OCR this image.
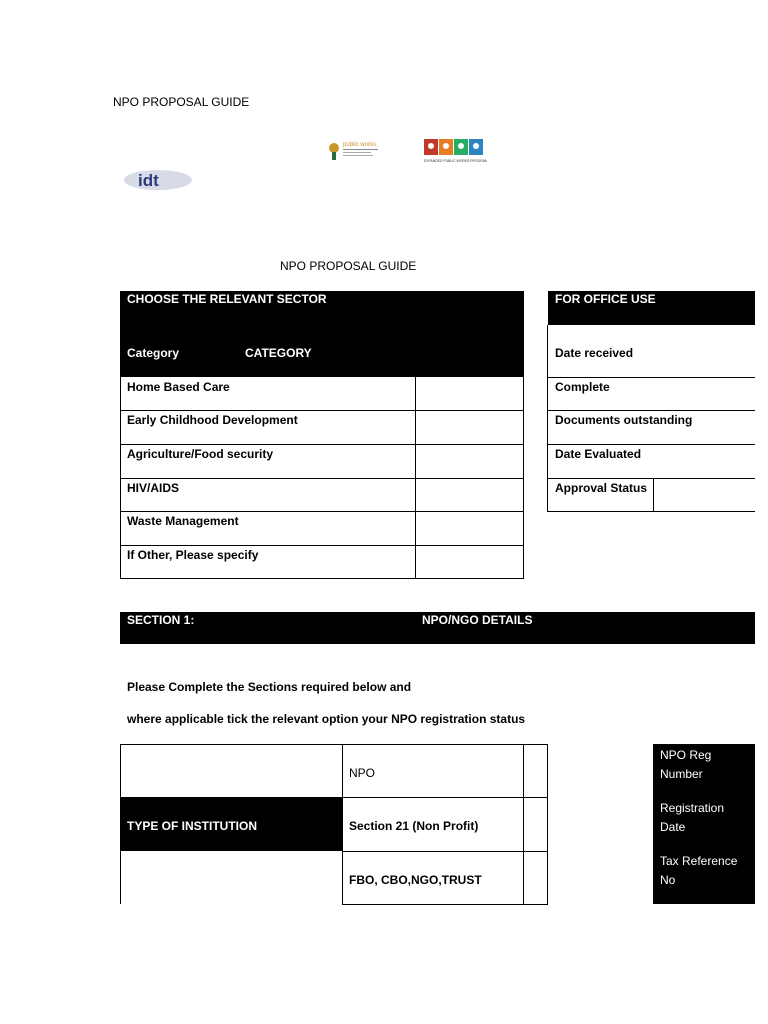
NPO PROPOSAL GUIDE
public works
EXPANDED PUBLIC WORKS PROGRAMME
idt
NPO PROPOSAL GUIDE
CHOOSE THE RELEVANT SECTOR
Category	CATEGORY
Home Based Care
Early Childhood Development
Agriculture/Food security
HIV/AIDS
Waste Management
If Other, Please specify
FOR OFFICE USE
Date received
Complete
Documents outstanding
Date Evaluated
Approval Status
SECTION 1:	NPO/NGO DETAILS
Please Complete the Sections required below and
where applicable tick the relevant option your NPO registration status
TYPE OF INSTITUTION
NPO
Section 21 (Non Profit)
FBO, CBO,NGO,TRUST
NPO Reg
Number
Registration
Date
Tax Reference
No
